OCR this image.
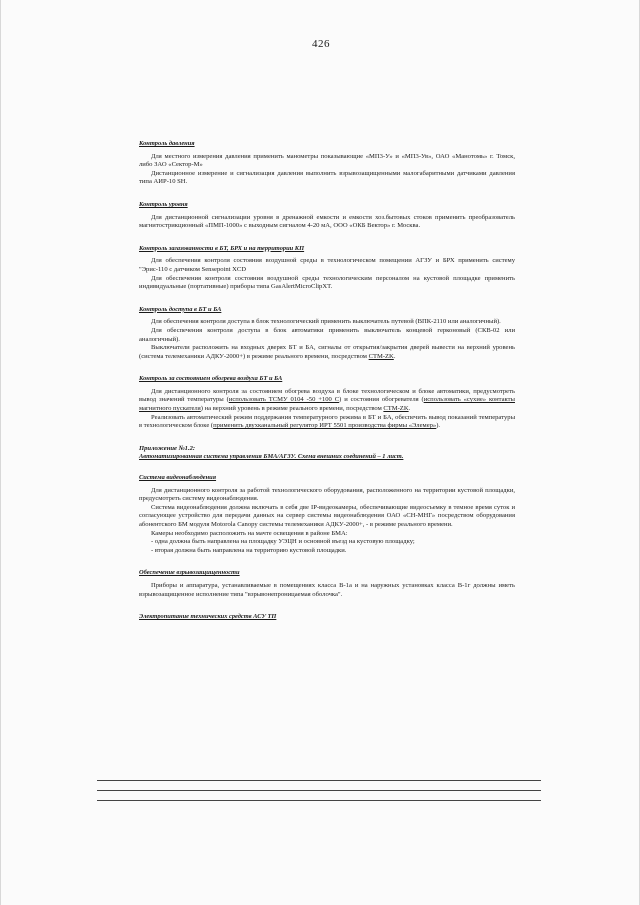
426
Контроль давления

Для местного измерения давления применить манометры показывающие «МП3-У» и «МП3-Ув», ОАО «Манотомь» г. Томск, либо ЗАО «Сектор-М»

Дистанционное измерение и сигнализация давления выполнить взрывозащищенными малогабаритными датчиками давления типа АИР-10 SH.

Контроль уровня

Для дистанционной сигнализации уровня в дренажной емкости и емкости хоз.бытовых стоков применить преобразователь магнитострикционный «ПМП-1000» с выходным сигналом 4-20 мА, ООО «ОКБ Вектор» г. Москва.

Контроль загазованности в БТ, БРХ и на территории КП

Для обеспечения контроля состояния воздушной среды в технологическом помещении АГЗУ и БРХ применить систему "Эрис-110 с датчиком Sensepoint XCD

Для обеспечения контроля состояния воздушной среды технологическим персоналом на кустовой площадке применить индивидуальные (портативные) приборы типа GasAlertMicroClipXT.

Контроль доступа в БТ и БА

Для обеспечения контроля доступа в блок технологический применить выключатель путевой (ВПК-2110 или аналогичный).

Для обеспечения контроля доступа в блок автоматики применить выключатель концевой герконовый (СКВ-02 или аналогичный).

Выключатели расположить на входных дверях БТ и БА, сигналы от открытия/закрытия дверей вывести на верхний уровень (система телемеханики АДКУ-2000+) в режиме реального времени, посредством СТМ-ZK.

Контроль за состоянием обогрева воздуха БТ и БА

Для дистанционного контроля за состоянием обогрева воздуха в блоке технологическом и блоке автоматики, предусмотреть вывод значений температуры (использовать ТСМУ 0104 -50 +100 С) и состояния обогревателя (использовать «сухие» контакты магнитного пускателя) на верхний уровень в режиме реального времени, посредством СТМ-ZK.

Реализовать автоматический режим поддержания температурного режима в БТ и БА, обеспечить вывод показаний температуры в технологическом блоке (применить двухканальный регулятор ИРТ 5501 производства фирмы «Элемер»).

Приложение №1.2:
Автоматизированная система управления БМА/АГЗУ. Схема внешних соединений – 1 лист.
Система видеонаблюдения

Для дистанционного контроля за работой технологического оборудования, расположенного на территории кустовой площадки, предусмотреть систему видеонаблюдения.

Система видеонаблюдения должна включать в себя две IP-видеокамеры, обеспечивающие видеосъемку в темное время суток и согласующее устройство для передачи данных на сервер системы видеонаблюдения ОАО «СН-МНГ» посредством оборудования абонентского БМ модуля Motorola Canopy системы телемеханики АДКУ-2000+, - в режиме реального времени.

Камеры необходимо расположить на мачте освещения в районе БМА:

- одна должна быть направлена на площадку УЭЦН и основной въезд на кустовую площадку;

- вторая должна быть направлена на территорию кустовой площадки.

Обеспечение взрывозащищенности

Приборы и аппаратура, устанавливаемые в помещениях класса В-1а и на наружных установках класса В-1г должны иметь взрывозащищенное исполнение типа "взрывонепроницаемая оболочка".

Электропитание технических средств АСУ ТП
